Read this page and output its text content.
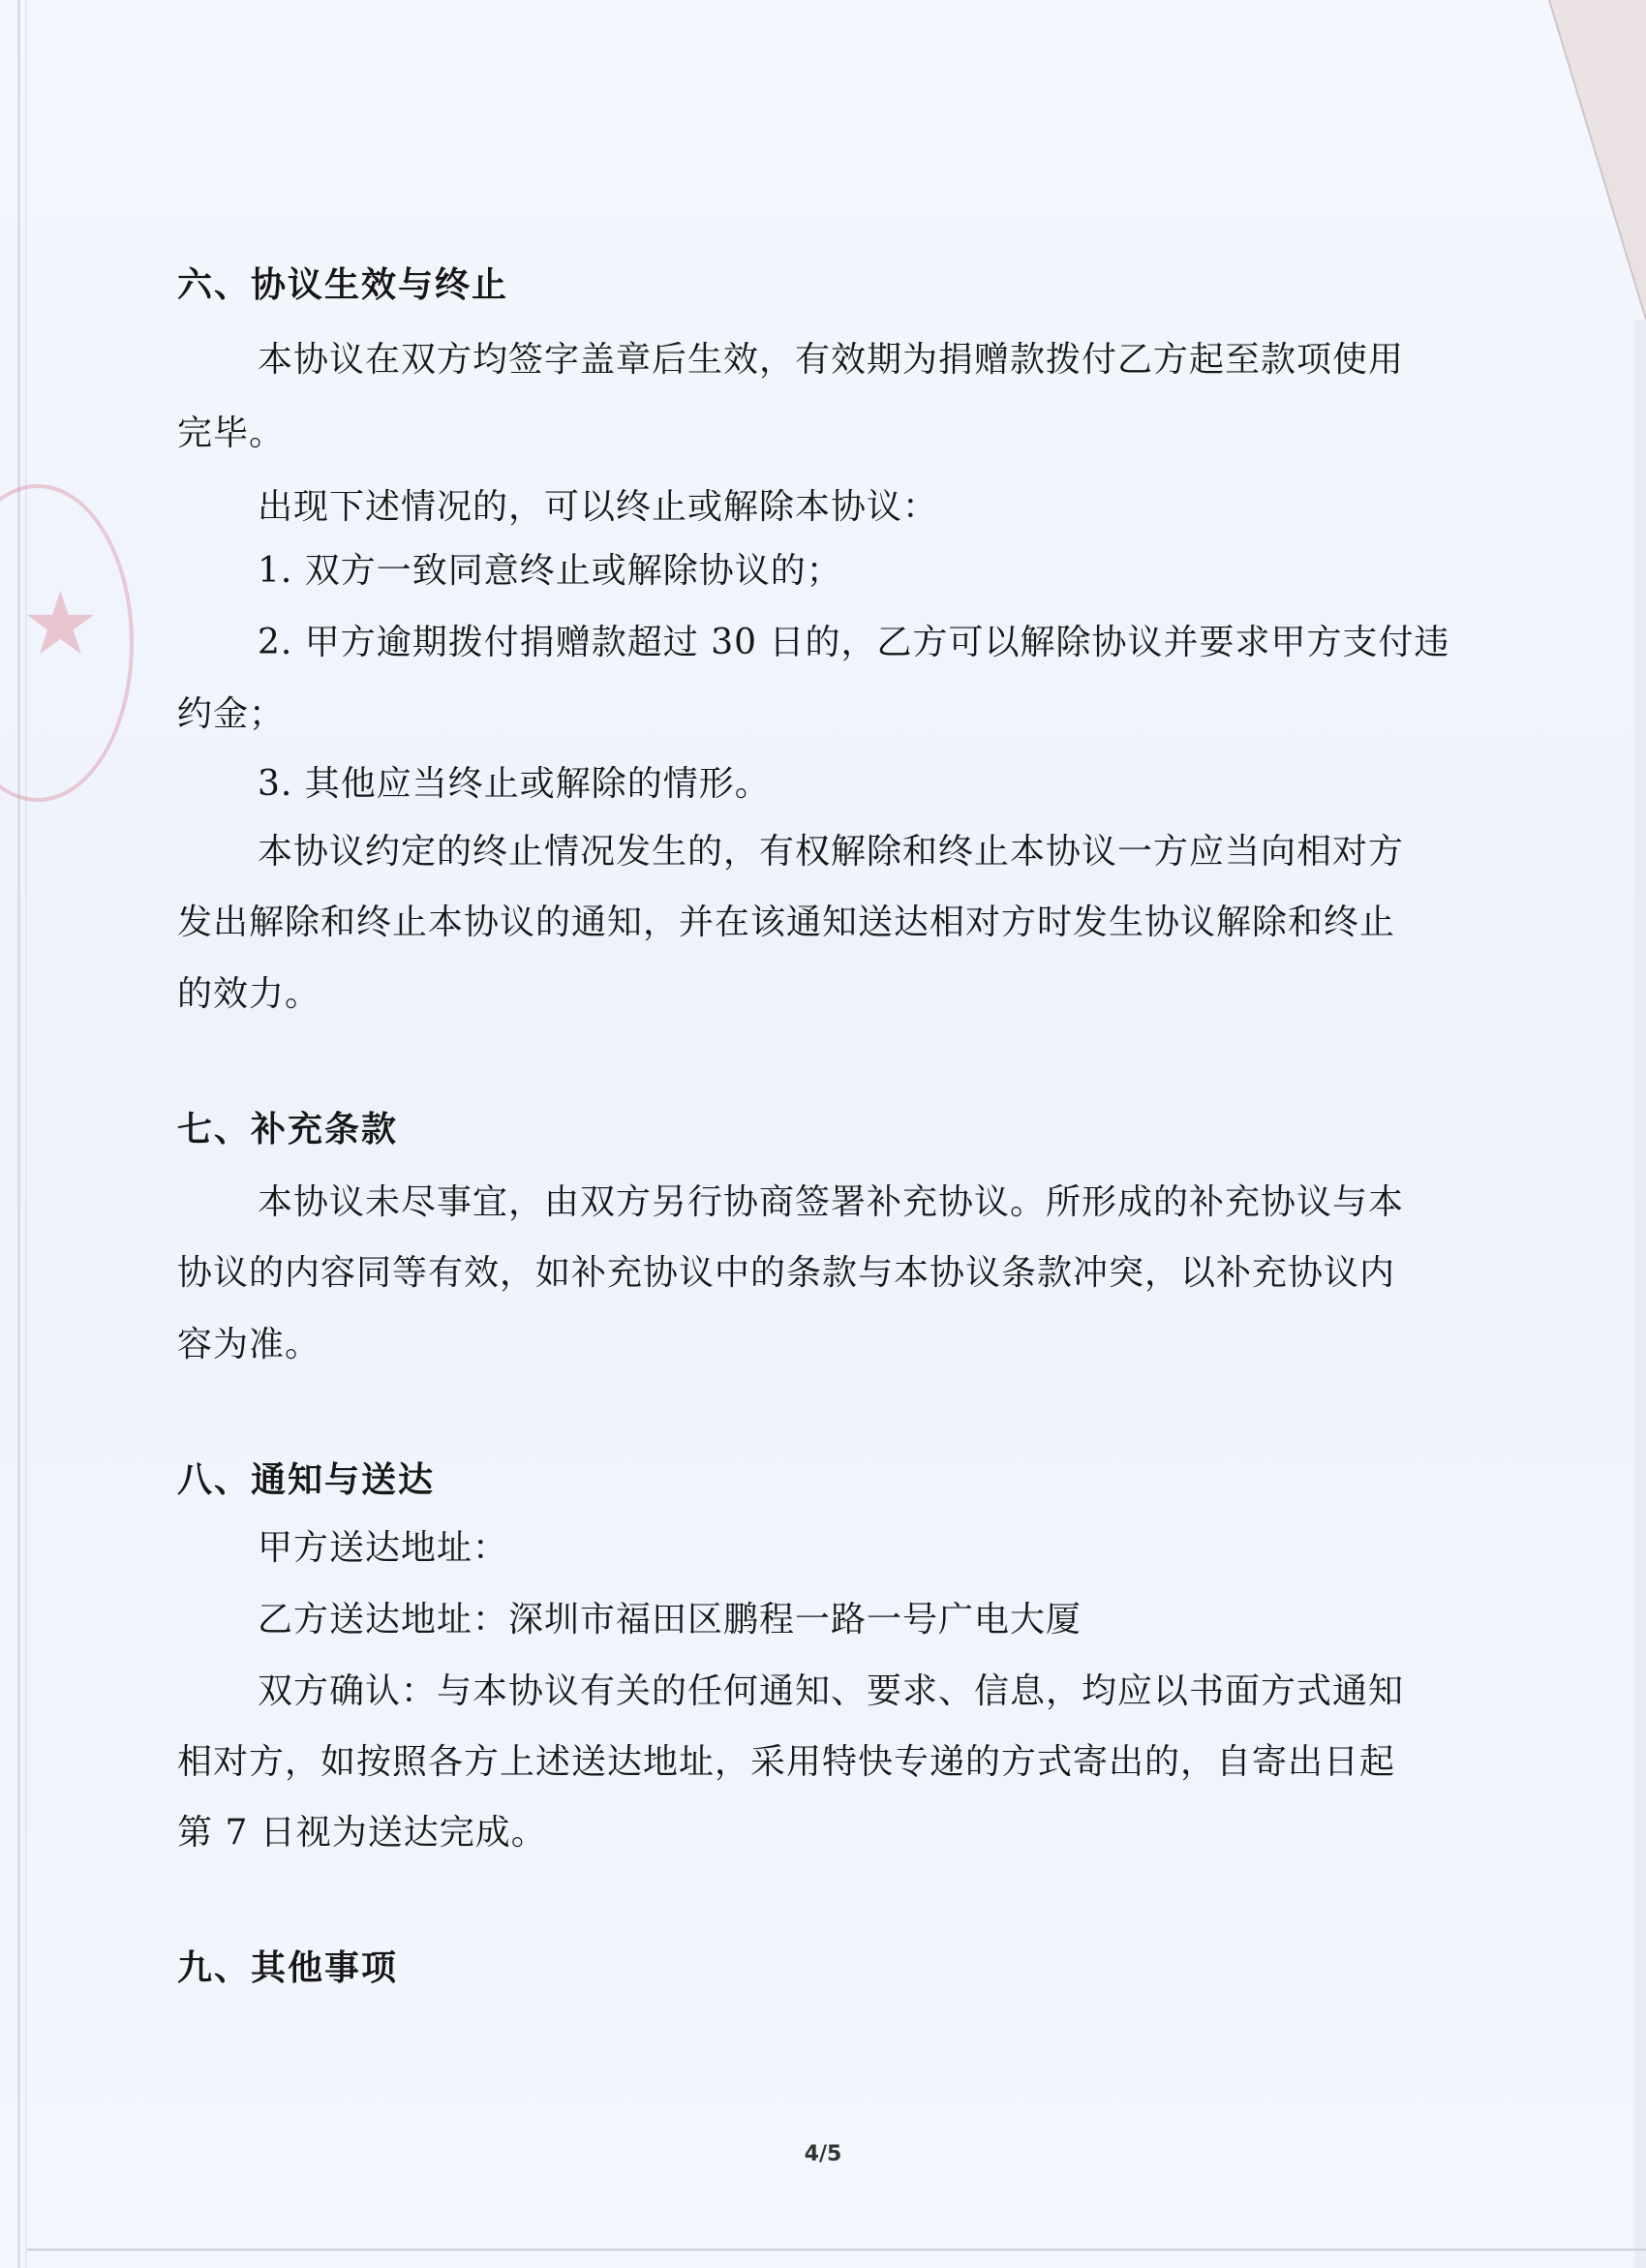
★
六、协议生效与终止
本协议在双方均签字盖章后生效，有效期为捐赠款拨付乙方起至款项使用
完毕。
出现下述情况的，可以终止或解除本协议：
1. 双方一致同意终止或解除协议的；
2. 甲方逾期拨付捐赠款超过 30 日的，乙方可以解除协议并要求甲方支付违
约金；
3. 其他应当终止或解除的情形。
本协议约定的终止情况发生的，有权解除和终止本协议一方应当向相对方
发出解除和终止本协议的通知，并在该通知送达相对方时发生协议解除和终止
的效力。
七、补充条款
本协议未尽事宜，由双方另行协商签署补充协议。所形成的补充协议与本
协议的内容同等有效，如补充协议中的条款与本协议条款冲突，以补充协议内
容为准。
八、通知与送达
甲方送达地址：
乙方送达地址：深圳市福田区鹏程一路一号广电大厦
双方确认：与本协议有关的任何通知、要求、信息，均应以书面方式通知
相对方，如按照各方上述送达地址，采用特快专递的方式寄出的，自寄出日起
第 7 日视为送达完成。
九、其他事项
4/5
